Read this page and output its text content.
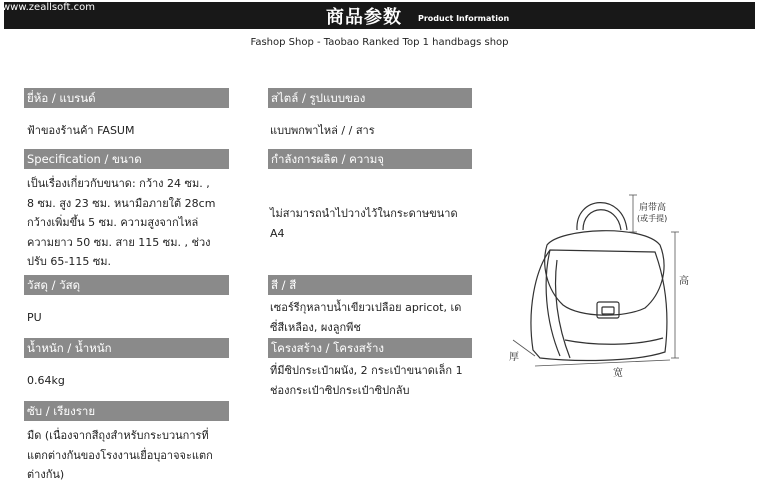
www.zeallsoft.com	商品参数 Product Information
Fashop Shop - Taobao Ranked Top 1 handbags shop
ยี่ห้อ / แบรนด์
ฟ้าของร้านค้า FASUM
Specification / ขนาด
เป็นเรื่องเกี่ยวกับขนาด: กว้าง 24 ซม. ,
8 ซม. สูง 23 ซม. หนามือภายใต้ 28cm
กว้างเพิ่มขึ้น 5 ซม. ความสูงจากไหล่
ความยาว 50 ซม. สาย 115 ซม. , ช่วง
ปรับ 65-115 ซม.
วัสดุ / วัสดุ
PU
น้ำหนัก / น้ำหนัก
0.64kg
ซับ / เรียงราย
มืด (เนื่องจากสีถุงสำหรับกระบวนการที่
แตกต่างกันของโรงงานเยื่อบุอาจจะแตก
ต่างกัน)
สไตล์ / รูปแบบของ
แบบพกพาไหล่ / / สาร
กำลังการผลิต / ความจุ
ไม่สามารถนำไปวางไว้ในกระดาษขนาด
A4
สี / สี
เซอร์รีกุหลาบน้ำเขียวเปลือย apricot, เด
ซี่สีเหลือง, ผงลูกพีช
โครงสร้าง / โครงสร้าง
ที่มีซิปกระเป๋าผนัง, 2 กระเป๋าขนาดเล็ก 1
ช่องกระเป๋าซิปกระเป๋าซิปกลับ
肩带高
(或手提)
高
厚
宽
